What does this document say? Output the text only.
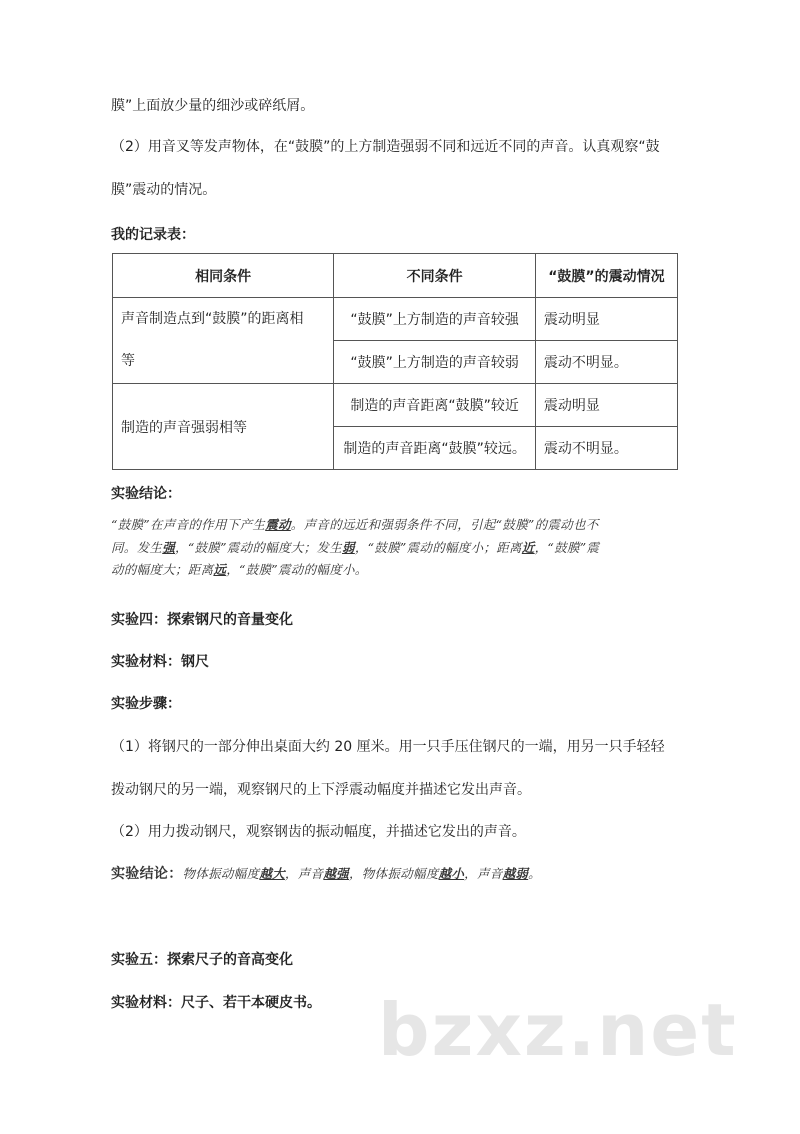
膜”上面放少量的细沙或碎纸屑。
（2）用音叉等发声物体，在“鼓膜”的上方制造强弱不同和远近不同的声音。认真观察“鼓
膜”震动的情况。
我的记录表：
相同条件	不同条件	“鼓膜”的震动情况
声音制造点到“鼓膜”的距离相
等	“鼓膜”上方制造的声音较强	震动明显
	“鼓膜”上方制造的声音较弱	震动不明显。
制造的声音强弱相等	制造的声音距离“鼓膜”较近	震动明显
	制造的声音距离“鼓膜”较远。	震动不明显。
实验结论：
“鼓膜”在声音的作用下产生震动。声音的远近和强弱条件不同，引起“鼓膜”的震动也不
同。发生强，“鼓膜”震动的幅度大；发生弱，“鼓膜”震动的幅度小；距离近，“鼓膜”震
动的幅度大；距离远，“鼓膜”震动的幅度小。
实验四：探索钢尺的音量变化
实验材料：钢尺
实验步骤：
（1）将钢尺的一部分伸出桌面大约 20 厘米。用一只手压住钢尺的一端，用另一只手轻轻
拨动钢尺的另一端，观察钢尺的上下浮震动幅度并描述它发出声音。
（2）用力拨动钢尺，观察钢齿的振动幅度，并描述它发出的声音。
实验结论：物体振动幅度越大，声音越强，物体振动幅度越小，声音越弱。
实验五：探索尺子的音高变化
实验材料：尺子、若干本硬皮书。 bzxz.net
